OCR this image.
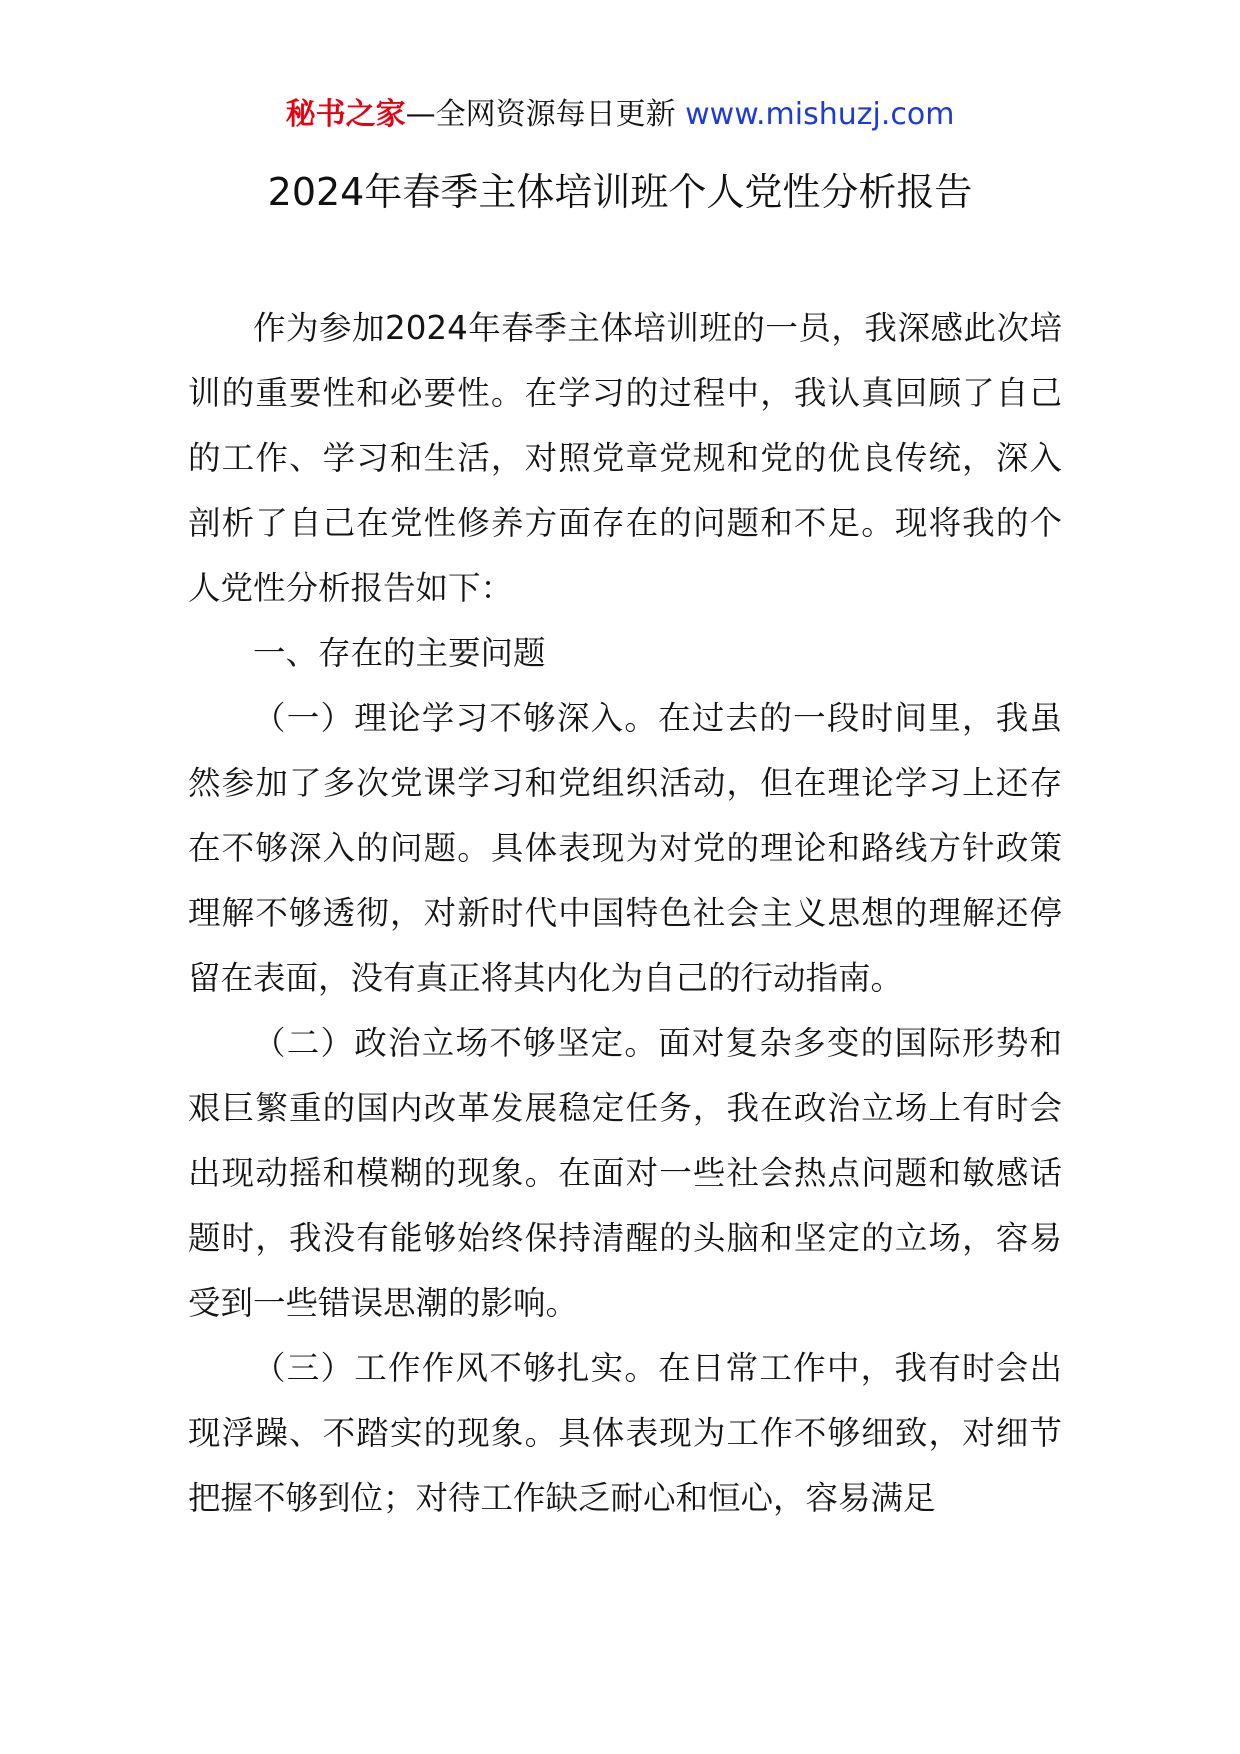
秘书之家—全网资源每日更新 www.mishuzj.com
2024年春季主体培训班个人党性分析报告

作为参加2024年春季主体培训班的一员，我深感此次培训的重要性和必要性。在学习的过程中，我认真回顾了自己的工作、学习和生活，对照党章党规和党的优良传统，深入剖析了自己在党性修养方面存在的问题和不足。现将我的个人党性分析报告如下：

一、存在的主要问题

（一）理论学习不够深入。在过去的一段时间里，我虽然参加了多次党课学习和党组织活动，但在理论学习上还存在不够深入的问题。具体表现为对党的理论和路线方针政策理解不够透彻，对新时代中国特色社会主义思想的理解还停留在表面，没有真正将其内化为自己的行动指南。

（二）政治立场不够坚定。面对复杂多变的国际形势和艰巨繁重的国内改革发展稳定任务，我在政治立场上有时会出现动摇和模糊的现象。在面对一些社会热点问题和敏感话题时，我没有能够始终保持清醒的头脑和坚定的立场，容易受到一些错误思潮的影响。

（三）工作作风不够扎实。在日常工作中，我有时会出现浮躁、不踏实的现象。具体表现为工作不够细致，对细节把握不够到位；对待工作缺乏耐心和恒心，容易满足
